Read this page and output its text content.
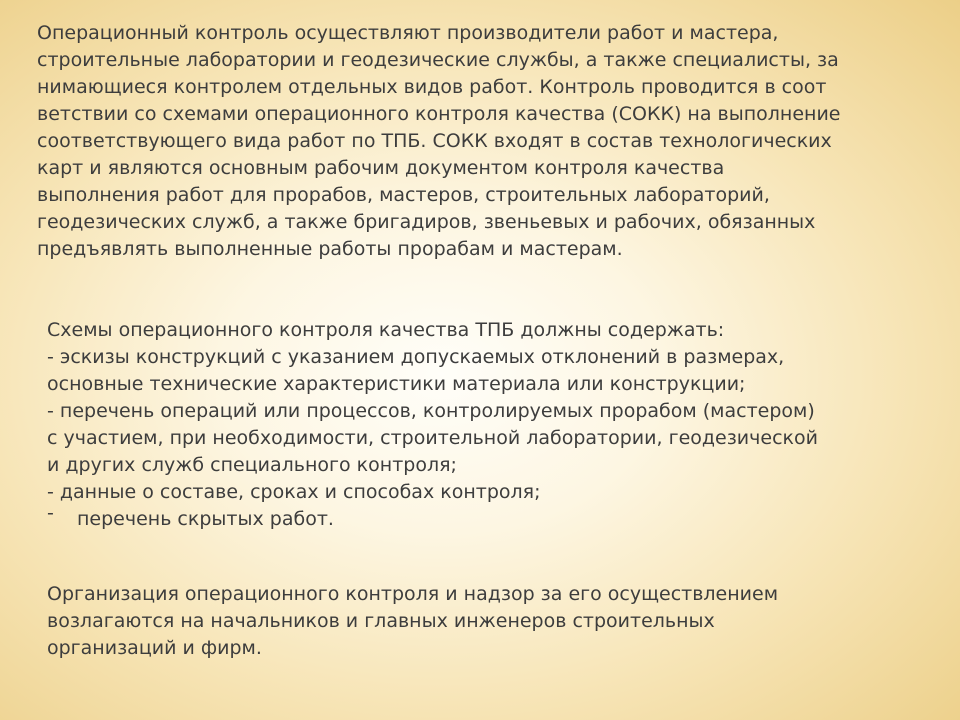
Операционный контроль осуществляют производители работ и мастера,
строительные лаборатории и геодезические службы, а также специалисты, за
нимающиеся контролем отдельных видов работ. Контроль проводится в соот
ветствии со схемами операционного контроля качества (СОКК) на выполнение
соответствующего вида работ по ТПБ. СОКК входят в состав технологических
карт и являются основным рабочим документом контроля качества
выполнения работ для прорабов, мастеров, строительных лабораторий,
геодезических служб, а также бригадиров, звеньевых и рабочих, обязанных
предъявлять выполненные работы прорабам и мастерам.
Схемы операционного контроля качества ТПБ должны содержать:
- эскизы конструкций с указанием допускаемых отклонений в размерах,
основные технические характеристики материала или конструкции;
- перечень операций или процессов, контролируемых прорабом (мастером)
с участием, при необходимости, строительной лаборатории, геодезической
и других служб специального контроля;
- данные о составе, сроках и способах контроля;
- перечень скрытых работ.
Организация операционного контроля и надзор за его осуществлением
возлагаются на начальников и главных инженеров строительных
организаций и фирм.
